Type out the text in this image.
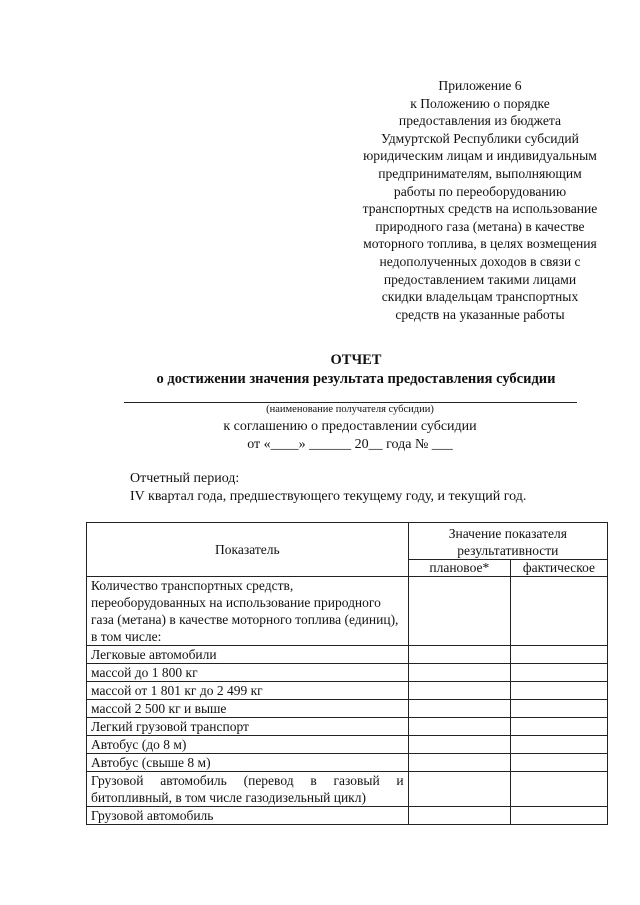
Приложение 6
к Положению о порядке
предоставления из бюджета
Удмуртской Республики субсидий
юридическим лицам и индивидуальным
предпринимателям, выполняющим
работы по переоборудованию
транспортных средств на использование
природного газа (метана) в качестве
моторного топлива, в целях возмещения
недополученных доходов в связи с
предоставлением такими лицами
скидки владельцам транспортных
средств на указанные работы
ОТЧЕТ
о достижении значения результата предоставления субсидии
(наименование получателя субсидии)
к соглашению о предоставлении субсидии
от «____» ______ 20__ года № ___
Отчетный период:
IV квартал года, предшествующего текущему году, и текущий год.
Показатель	Значение показателя результативности	
	плановое*	фактическое
Количество транспортных средств, переоборудованных на использование природного газа (метана) в качестве моторного топлива (единиц), в том числе:		
Легковые автомобили		
массой до 1 800 кг		
массой от 1 801 кг до 2 499 кг		
массой 2 500 кг и выше		
Легкий грузовой транспорт		
Автобус (до 8 м)		
Автобус (свыше 8 м)		
Грузовой автомобиль (перевод в газовый и битопливный, в том числе газодизельный цикл)		
Грузовой автомобиль		
